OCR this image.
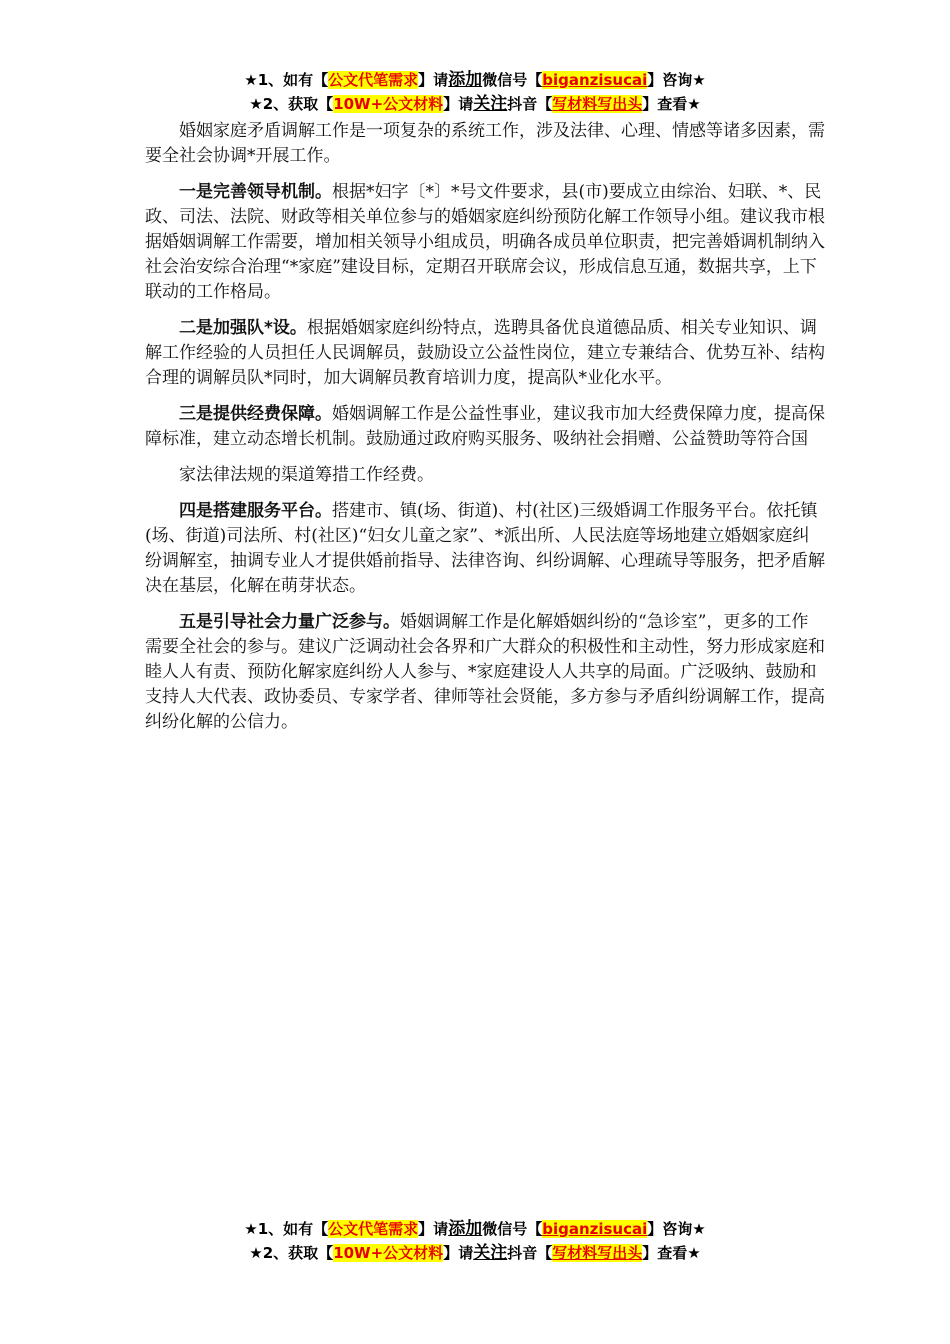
★1、如有【公文代笔需求】请添加微信号【biganzisucai】咨询★
★2、获取【10W+公文材料】请关注抖音【写材料写出头】查看★

婚姻家庭矛盾调解工作是一项复杂的系统工作，涉及法律、心理、情感等诸多因素，需要全社会协调*开展工作。

一是完善领导机制。根据*妇字〔*〕*号文件要求，县(市)要成立由综治、妇联、*、民政、司法、法院、财政等相关单位参与的婚姻家庭纠纷预防化解工作领导小组。建议我市根据婚姻调解工作需要，增加相关领导小组成员，明确各成员单位职责，把完善婚调机制纳入社会治安综合治理“*家庭”建设目标，定期召开联席会议，形成信息互通，数据共享，上下联动的工作格局。

二是加强队*设。根据婚姻家庭纠纷特点，选聘具备优良道德品质、相关专业知识、调解工作经验的人员担任人民调解员，鼓励设立公益性岗位，建立专兼结合、优势互补、结构合理的调解员队*同时，加大调解员教育培训力度，提高队*业化水平。

三是提供经费保障。婚姻调解工作是公益性事业，建议我市加大经费保障力度，提高保障标准，建立动态增长机制。鼓励通过政府购买服务、吸纳社会捐赠、公益赞助等符合国

家法律法规的渠道筹措工作经费。

四是搭建服务平台。搭建市、镇(场、街道)、村(社区)三级婚调工作服务平台。依托镇(场、街道)司法所、村(社区)“妇女儿童之家”、*派出所、人民法庭等场地建立婚姻家庭纠纷调解室，抽调专业人才提供婚前指导、法律咨询、纠纷调解、心理疏导等服务，把矛盾解决在基层，化解在萌芽状态。

五是引导社会力量广泛参与。婚姻调解工作是化解婚姻纠纷的“急诊室”，更多的工作需要全社会的参与。建议广泛调动社会各界和广大群众的积极性和主动性，努力形成家庭和睦人人有责、预防化解家庭纠纷人人参与、*家庭建设人人共享的局面。广泛吸纳、鼓励和支持人大代表、政协委员、专家学者、律师等社会贤能，多方参与矛盾纠纷调解工作，提高纠纷化解的公信力。

★1、如有【公文代笔需求】请添加微信号【biganzisucai】咨询★
★2、获取【10W+公文材料】请关注抖音【写材料写出头】查看★
